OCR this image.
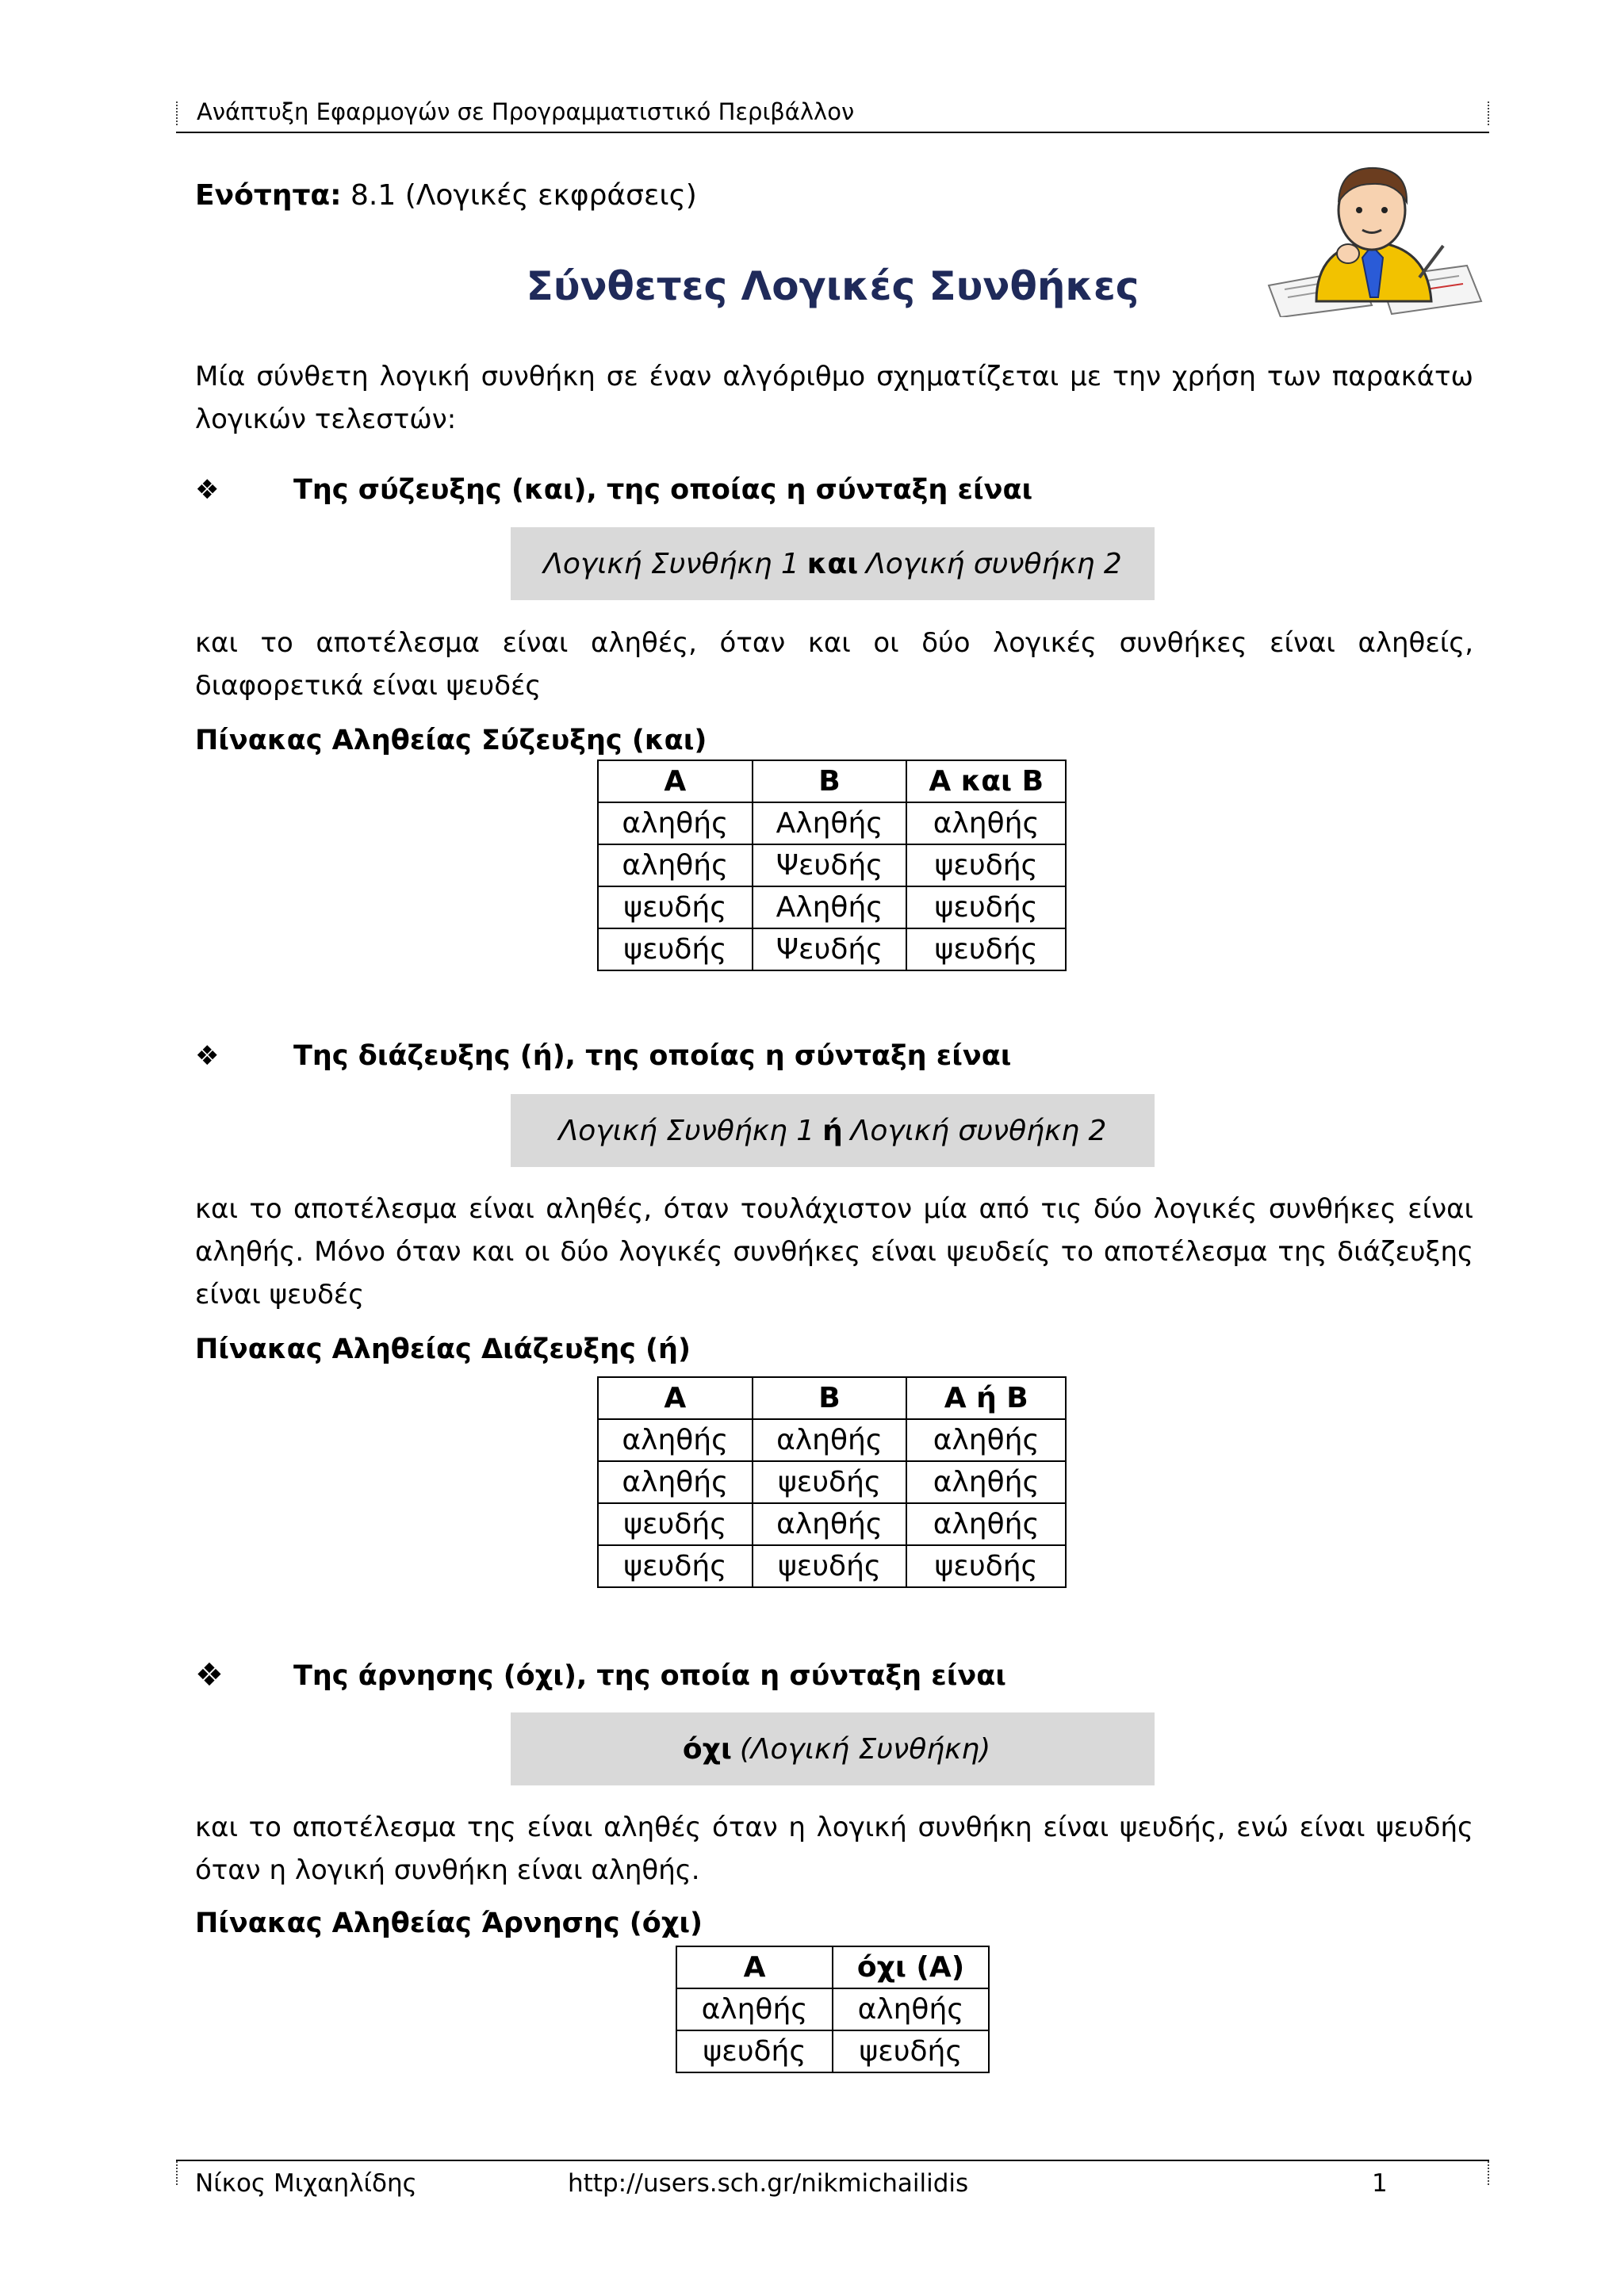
Ανάπτυξη Εφαρμογών σε Προγραμματιστικό Περιβάλλον
Ενότητα: 8.1 (Λογικές εκφράσεις)
Σύνθετες Λογικές Συνθήκες
Μία σύνθετη λογική συνθήκη σε έναν αλγόριθμο σχηματίζεται με την χρήση των παρακάτω λογικών τελεστών:
❖	Της σύζευξης (και), της οποίας η σύνταξη είναι
Λογική Συνθήκη 1 και Λογική συνθήκη 2
και το αποτέλεσμα είναι αληθές, όταν και οι δύο λογικές συνθήκες είναι αληθείς, διαφορετικά είναι ψευδές
Πίνακας Αληθείας Σύζευξης (και)
A	B	A και B
αληθής	Αληθής	αληθής
αληθής	Ψευδής	ψευδής
ψευδής	Αληθής	ψευδής
ψευδής	Ψευδής	ψευδής
❖	Της διάζευξης (ή), της οποίας η σύνταξη είναι
Λογική Συνθήκη 1 ή Λογική συνθήκη 2
και το αποτέλεσμα είναι αληθές, όταν τουλάχιστον μία από τις δύο λογικές συνθήκες είναι αληθής. Μόνο όταν και οι δύο λογικές συνθήκες είναι ψευδείς το αποτέλεσμα της διάζευξης είναι ψευδές
Πίνακας Αληθείας Διάζευξης (ή)
A	B	A ή B
αληθής	αληθής	αληθής
αληθής	ψευδής	αληθής
ψευδής	αληθής	αληθής
ψευδής	ψευδής	ψευδής
❖	Της άρνησης (όχι), της οποία η σύνταξη είναι
όχι (Λογική Συνθήκη)
και το αποτέλεσμα της είναι αληθές όταν η λογική συνθήκη είναι ψευδής, ενώ είναι ψευδής όταν η λογική συνθήκη είναι αληθής.
Πίνακας Αληθείας Άρνησης (όχι)
A	όχι (A)
αληθής	αληθής
ψευδής	ψευδής
Νίκος Μιχαηλίδης	http://users.sch.gr/nikmichailidis	1
